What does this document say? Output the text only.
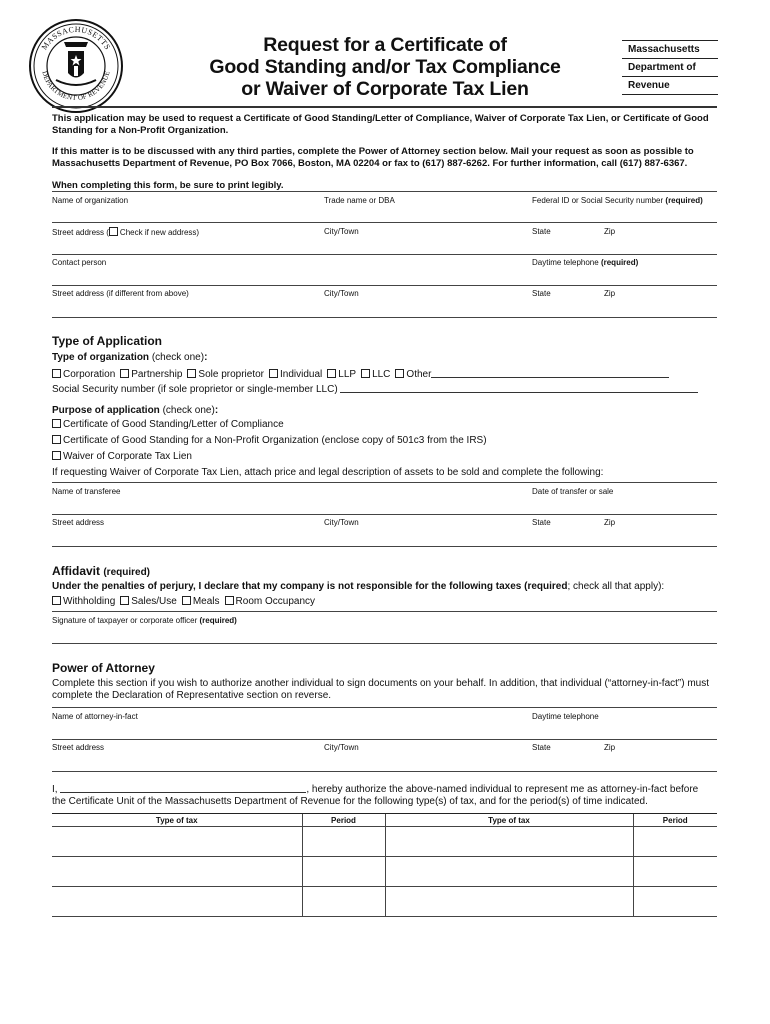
MASSACHUSETTS
DEPARTMENT OF REVENUE
Request for a Certificate of
Good Standing and/or Tax Compliance
or Waiver of Corporate Tax Lien
Massachusetts
Department of
Revenue
This application may be used to request a Certificate of Good Standing/Letter of Compliance, Waiver of Corporate Tax Lien, or Certificate of Good Standing for a Non-Profit Organization.
If this matter is to be discussed with any third parties, complete the Power of Attorney section below. Mail your request as soon as possible to Massachusetts Department of Revenue, PO Box 7066, Boston, MA 02204 or fax to (617) 887-6262. For further information, call (617) 887-6367.
When completing this form, be sure to print legibly.
Name of organization	Trade name or DBA	Federal ID or Social Security number (required)
Street address ( Check if new address)	City/Town	State	Zip
Contact person	Daytime telephone (required)
Street address (if different from above)	City/Town	State	Zip
Type of Application
Type of organization (check one):
Corporation Partnership Sole proprietor Individual LLP LLC Other
Social Security number (if sole proprietor or single-member LLC)
Purpose of application (check one):
Certificate of Good Standing/Letter of Compliance
Certificate of Good Standing for a Non-Profit Organization (enclose copy of 501c3 from the IRS)
Waiver of Corporate Tax Lien
If requesting Waiver of Corporate Tax Lien, attach price and legal description of assets to be sold and complete the following:
Name of transferee	Date of transfer or sale
Street address	City/Town	State	Zip
Affidavit (required)
Under the penalties of perjury, I declare that my company is not responsible for the following taxes (required; check all that apply):
Withholding Sales/Use Meals Room Occupancy
Signature of taxpayer or corporate officer (required)
Power of Attorney
Complete this section if you wish to authorize another individual to sign documents on your behalf. In addition, that individual (“attorney-in-fact”) must complete the Declaration of Representative section on reverse.
Name of attorney-in-fact	Daytime telephone
Street address	City/Town	State	Zip
I,	, hereby authorize the above-named individual to represent me as attorney-in-fact before
the Certificate Unit of the Massachusetts Department of Revenue for the following type(s) of tax, and for the period(s) of time indicated.
Type of tax	Period	Type of tax	Period
